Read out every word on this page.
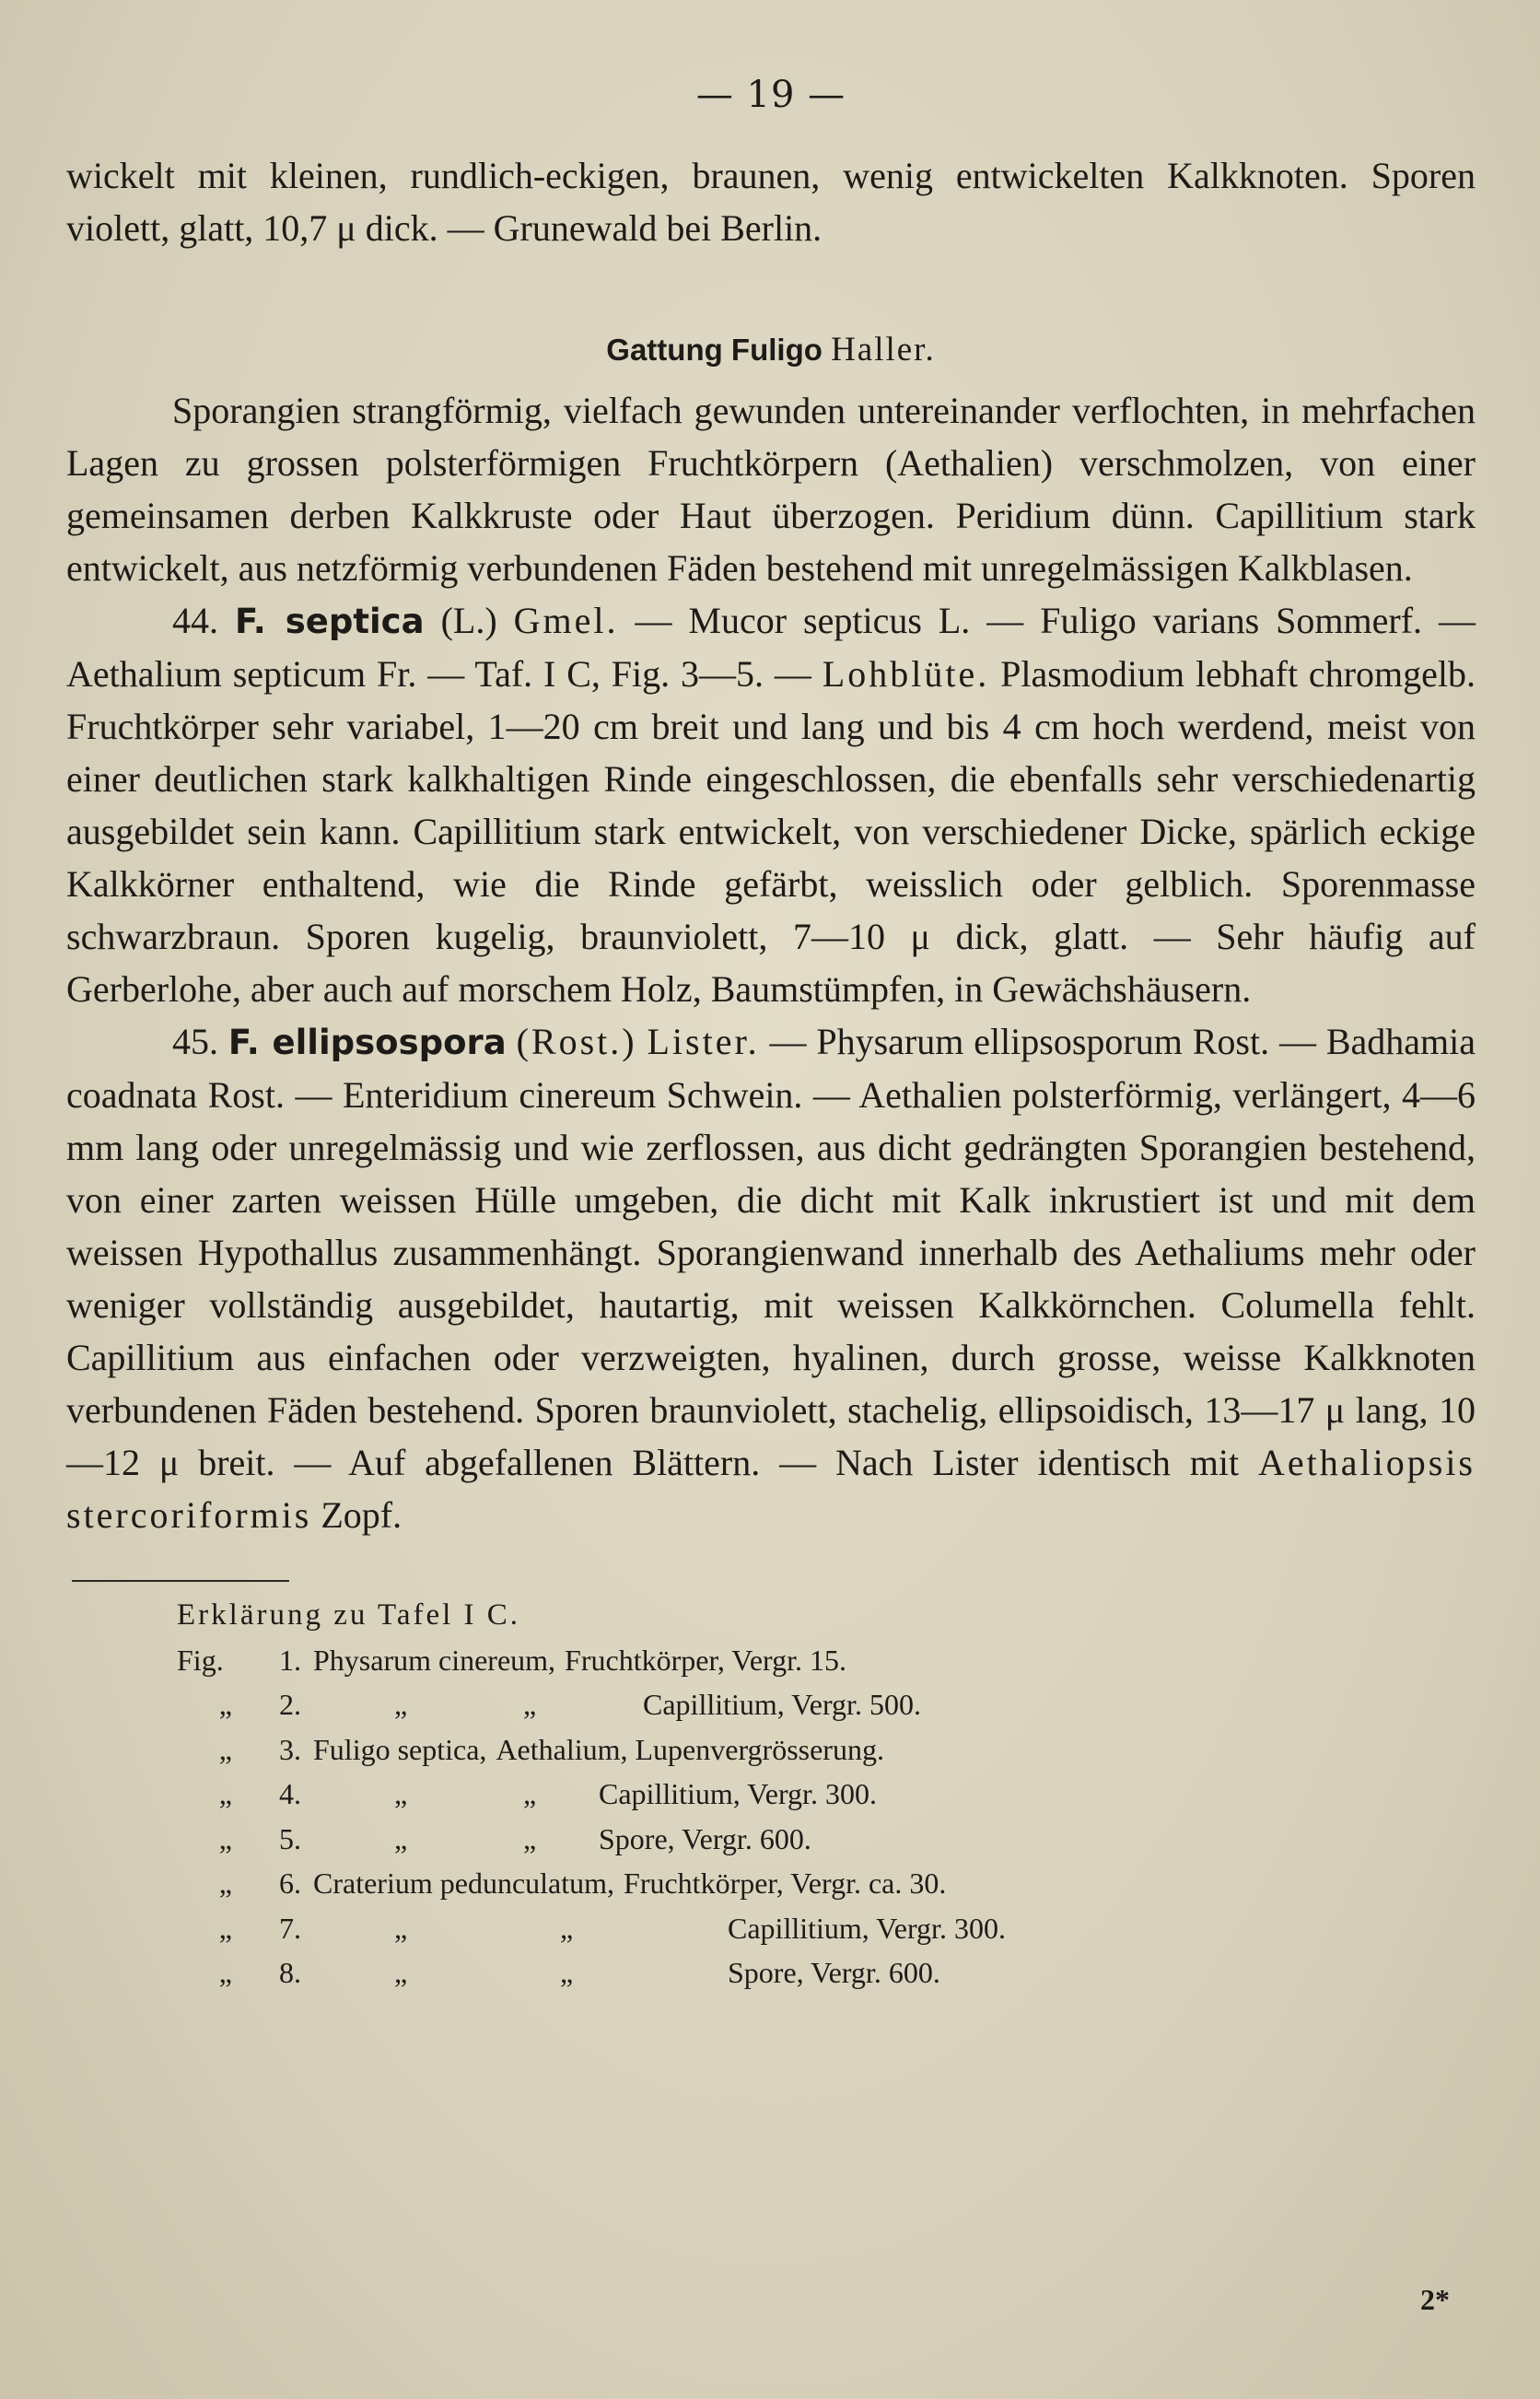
— 19 —

wickelt mit kleinen, rundlich-eckigen, braunen, wenig entwickelten Kalkknoten. Sporen violett, glatt, 10,7 μ dick. — Grunewald bei Berlin.

Gattung Fuligo Haller.

Sporangien strangförmig, vielfach gewunden untereinander verflochten, in mehrfachen Lagen zu grossen polsterförmigen Fruchtkörpern (Aethalien) verschmolzen, von einer gemeinsamen derben Kalkkruste oder Haut überzogen. Peridium dünn. Capillitium stark entwickelt, aus netzförmig verbundenen Fäden bestehend mit unregelmässigen Kalkblasen.

44. F. septica (L.) Gmel. — Mucor septicus L. — Fuligo varians Sommerf. — Aethalium septicum Fr. — Taf. I C, Fig. 3—5. — Lohblüte. Plasmodium lebhaft chromgelb. Fruchtkörper sehr variabel, 1—20 cm breit und lang und bis 4 cm hoch werdend, meist von einer deutlichen stark kalkhaltigen Rinde eingeschlossen, die ebenfalls sehr verschiedenartig ausgebildet sein kann. Capillitium stark entwickelt, von verschiedener Dicke, spärlich eckige Kalkkörner enthaltend, wie die Rinde gefärbt, weisslich oder gelblich. Sporenmasse schwarzbraun. Sporen kugelig, braunviolett, 7—10 μ dick, glatt. — Sehr häufig auf Gerberlohe, aber auch auf morschem Holz, Baumstümpfen, in Gewächshäusern.

45. F. ellipsospora (Rost.) Lister. — Physarum ellipsosporum Rost. — Badhamia coadnata Rost. — Enteridium cinereum Schwein. — Aethalien polsterförmig, verlängert, 4—6 mm lang oder unregelmässig und wie zerflossen, aus dicht gedrängten Sporangien bestehend, von einer zarten weissen Hülle umgeben, die dicht mit Kalk inkrustiert ist und mit dem weissen Hypothallus zusammenhängt. Sporangienwand innerhalb des Aethaliums mehr oder weniger vollständig ausgebildet, hautartig, mit weissen Kalkkörnchen. Columella fehlt. Capillitium aus einfachen oder verzweigten, hyalinen, durch grosse, weisse Kalkknoten verbundenen Fäden bestehend. Sporen braunviolett, stachelig, ellipsoidisch, 13—17 μ lang, 10—12 μ breit. — Auf abgefallenen Blättern. — Nach Lister identisch mit Aethaliopsis stercoriformis Zopf.

Erklärung zu Tafel I C.
Fig.	1. Physarum cinereum, Fruchtkörper, Vergr. 15.
„	2.	„	„	Capillitium, Vergr. 500.
„	3. Fuligo septica, Aethalium, Lupenvergrösserung.
„	4.	„	„	Capillitium, Vergr. 300.
„	5.	„	„	Spore, Vergr. 600.
„	6. Craterium pedunculatum, Fruchtkörper, Vergr. ca. 30.
„	7.	„	„	Capillitium, Vergr. 300.
„	8.	„	„	Spore, Vergr. 600.
2*
